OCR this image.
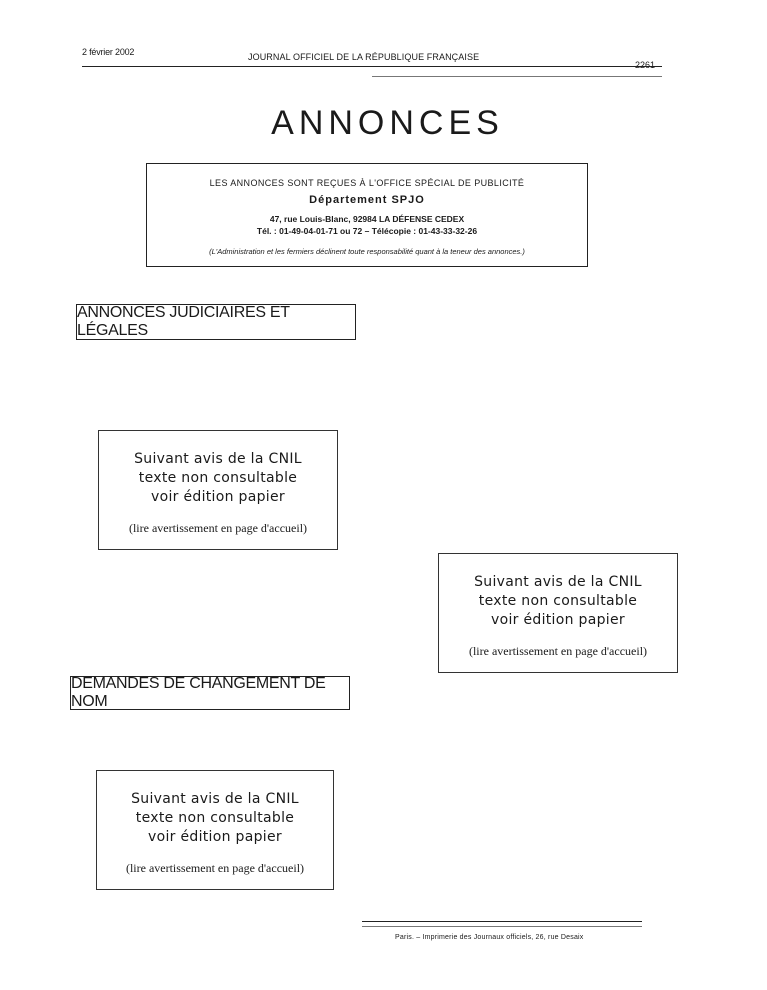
2 février 2002	JOURNAL OFFICIEL DE LA RÉPUBLIQUE FRANÇAISE
2261
ANNONCES
LES ANNONCES SONT REÇUES À L'OFFICE SPÉCIAL DE PUBLICITÉ
Département SPJO
47, rue Louis-Blanc, 92984 LA DÉFENSE CEDEX
Tél. : 01-49-04-01-71 ou 72 – Télécopie : 01-43-33-32-26
(L'Administration et les fermiers déclinent toute responsabilité quant à la teneur des annonces.)
ANNONCES JUDICIAIRES ET LÉGALES
Suivant avis de la CNIL
texte non consultable
voir édition papier
(lire avertissement en page d'accueil)
Suivant avis de la CNIL
texte non consultable
voir édition papier
(lire avertissement en page d'accueil)
DEMANDES DE CHANGEMENT DE NOM
Suivant avis de la CNIL
texte non consultable
voir édition papier
(lire avertissement en page d'accueil)
Paris. – Imprimerie des Journaux officiels, 26, rue Desaix
